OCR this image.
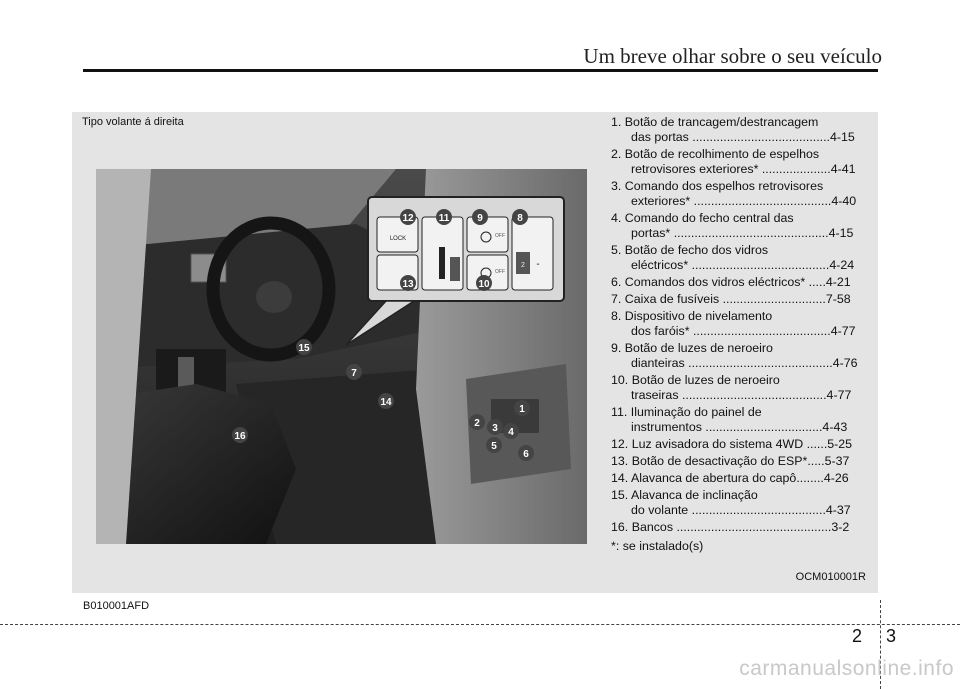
Um breve olhar sobre o seu veículo
Tipo volante á direita
LOCK	OFF
OFF
2 -
12	11	9	8
13	10
15
7
14
16
1
2 3 4
5
6
1. Botão de trancagem/destrancagem
das portas ........................................4-15
2. Botão de recolhimento de espelhos
retrovisores exteriores* ....................4-41
3. Comando dos espelhos retrovisores
exteriores* ........................................4-40
4. Comando do fecho central das
portas* .............................................4-15
5. Botão de fecho dos vidros
eléctricos* ........................................4-24
6. Comandos dos vidros eléctricos* .....4-21
7. Caixa de fusíveis ..............................7-58
8. Dispositivo de nivelamento
dos faróis* ........................................4-77
9. Botão de luzes de neroeiro
dianteiras ..........................................4-76
10. Botão de luzes de neroeiro
traseiras ..........................................4-77
11. Iluminação do painel de
instrumentos ..................................4-43
12. Luz avisadora do sistema 4WD ......5-25
13. Botão de desactivação do ESP*.....5-37
14. Alavanca de abertura do capô........4-26
15. Alavanca de inclinação
do volante .......................................4-37
16. Bancos .............................................3-2
*: se instalado(s)
OCM010001R
B010001AFD
2 3
carmanualsonline.info
